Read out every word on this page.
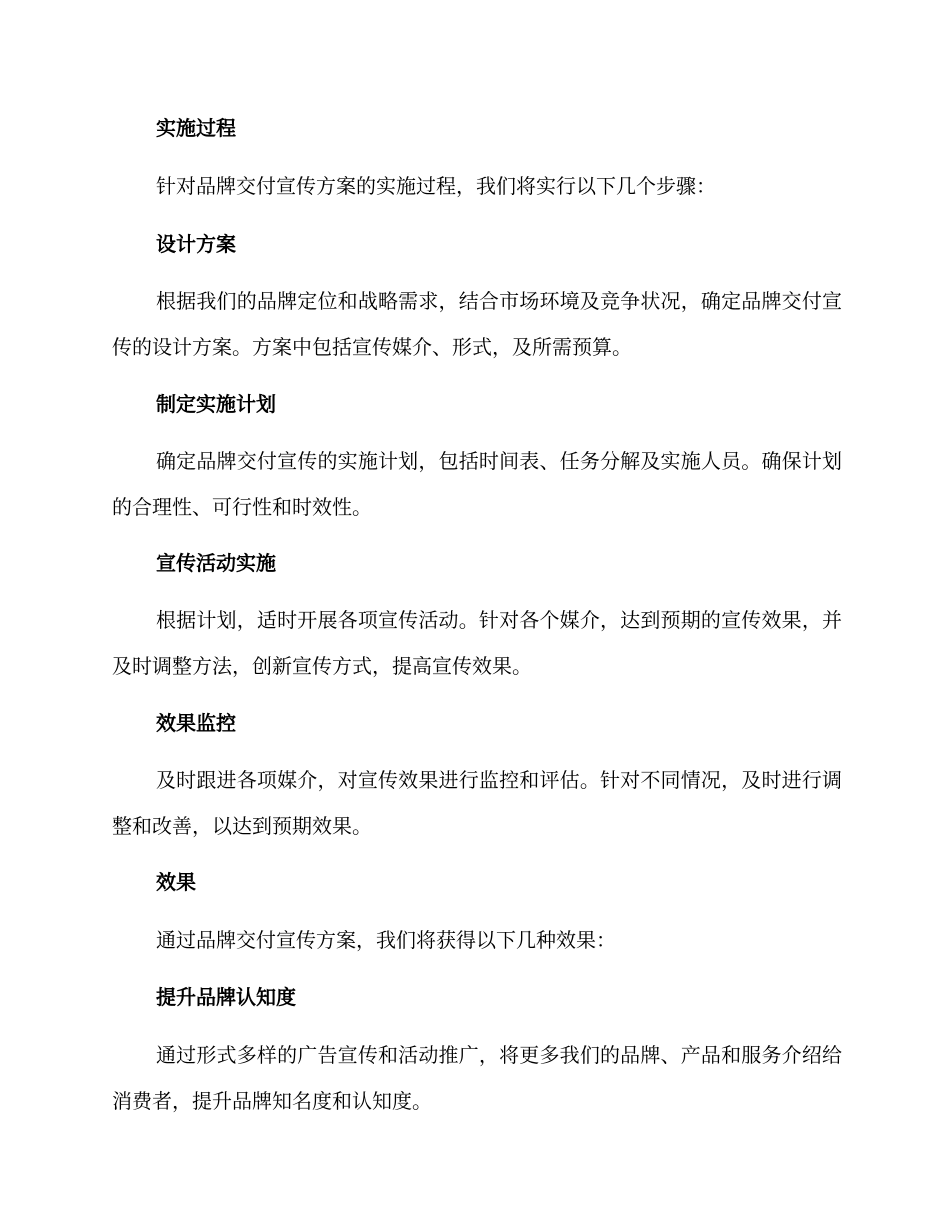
实施过程

针对品牌交付宣传方案的实施过程，我们将实行以下几个步骤：

设计方案

根据我们的品牌定位和战略需求，结合市场环境及竞争状况，确定品牌交付宣传的设计方案。方案中包括宣传媒介、形式，及所需预算。

制定实施计划

确定品牌交付宣传的实施计划，包括时间表、任务分解及实施人员。确保计划的合理性、可行性和时效性。

宣传活动实施

根据计划，适时开展各项宣传活动。针对各个媒介，达到预期的宣传效果，并及时调整方法，创新宣传方式，提高宣传效果。

效果监控

及时跟进各项媒介，对宣传效果进行监控和评估。针对不同情况，及时进行调整和改善，以达到预期效果。

效果

通过品牌交付宣传方案，我们将获得以下几种效果：

提升品牌认知度

通过形式多样的广告宣传和活动推广，将更多我们的品牌、产品和服务介绍给消费者，提升品牌知名度和认知度。
